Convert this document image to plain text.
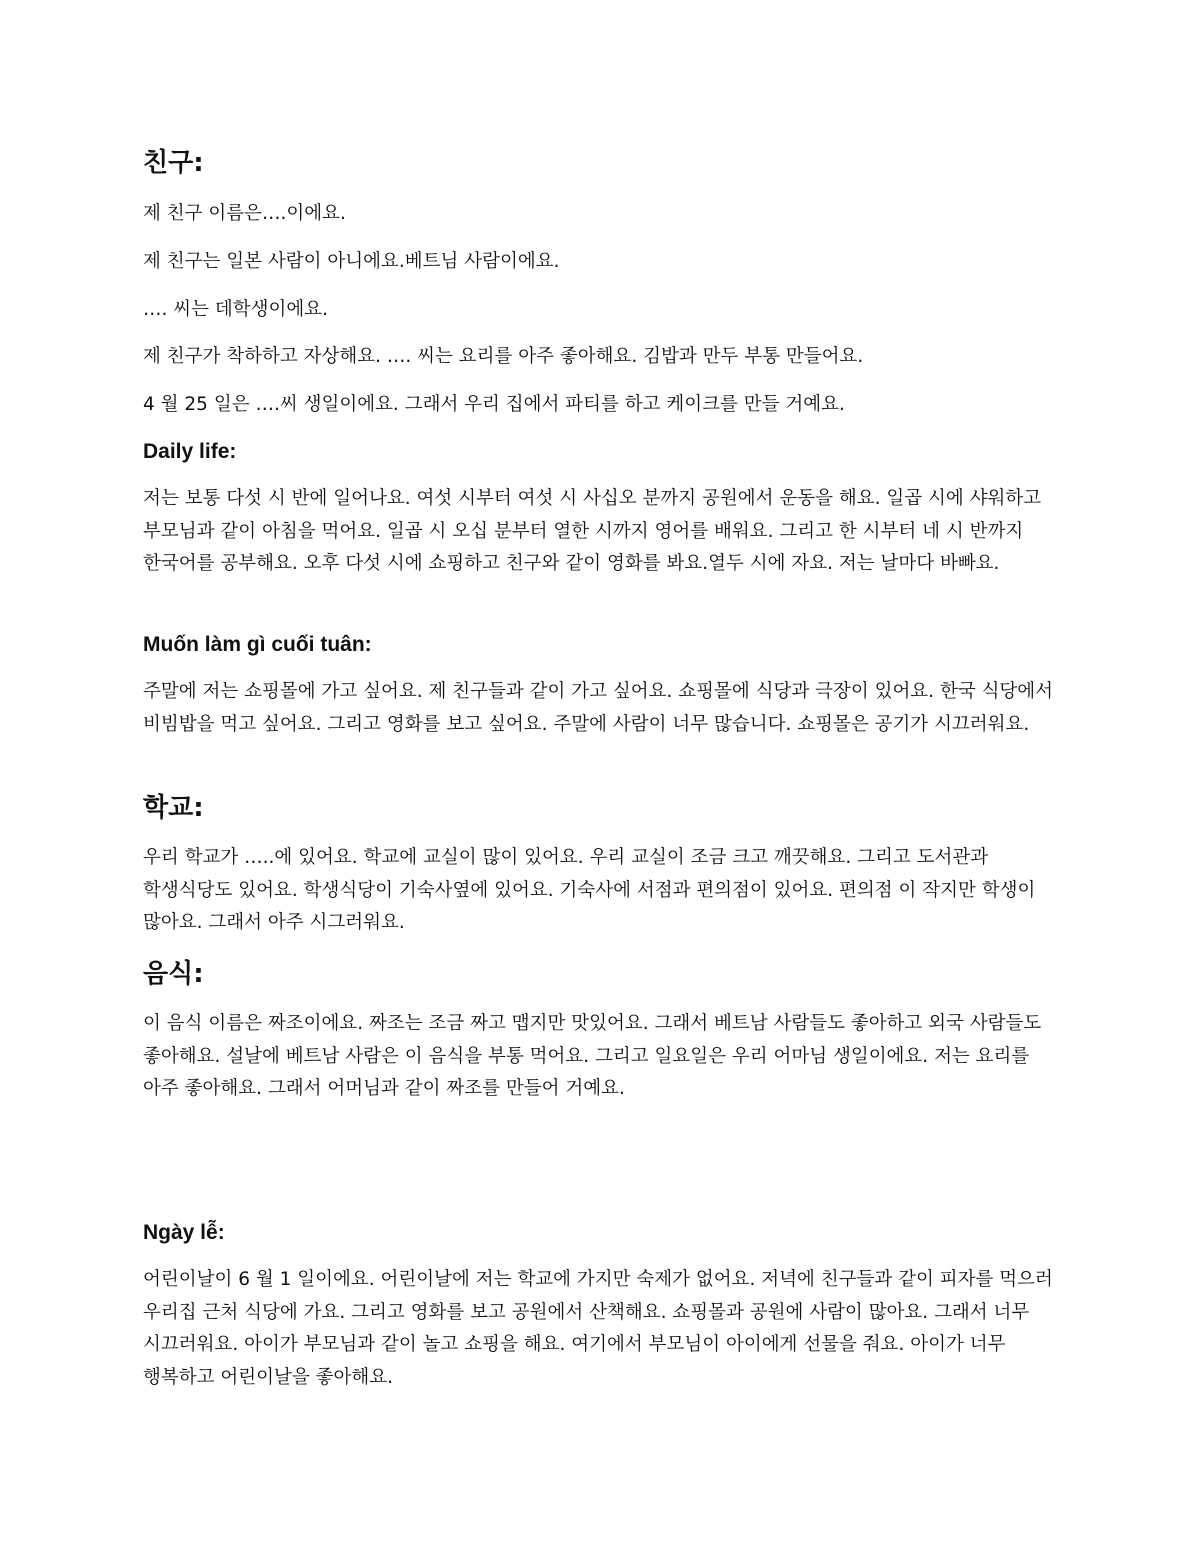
친구:
제 친구 이름은….이에요.
제 친구는 일본 사람이 아니에요.베트님 사람이에요.
…. 씨는 데학생이에요.
제 친구가 착하하고 자상해요. …. 씨는 요리를 아주 좋아해요. 김밥과 만두 부통 만들어요.
4 월 25 일은 ….씨 생일이에요. 그래서 우리 집에서 파티를 하고 케이크를 만들 거예요.
Daily life:
저는 보통 다섯 시 반에 일어나요. 여섯 시부터 여섯 시 사십오 분까지 공원에서 운동을 해요. 일곱 시에 샤워하고 부모님과 같이 아침을 먹어요. 일곱 시 오십 분부터 열한 시까지 영어를 배워요. 그리고 한 시부터 네 시 반까지 한국어를 공부해요. 오후 다섯 시에 쇼핑하고 친구와 같이 영화를 봐요.열두 시에 자요. 저는 날마다 바빠요.
Muốn làm gì cuối tuân:
주말에 저는 쇼핑몰에 가고 싶어요. 제 친구들과 같이 가고 싶어요. 쇼핑몰에 식당과 극장이 있어요. 한국 식당에서 비빔밥을 먹고 싶어요. 그리고 영화를 보고 싶어요. 주말에 사람이 너무 많습니다. 쇼핑몰은 공기가 시끄러워요.
학교:
우리 학교가 …..에 있어요. 학교에 교실이 많이 있어요. 우리 교실이 조금 크고 깨끗해요. 그리고 도서관과 학생식당도 있어요. 학생식당이 기숙사옆에 있어요. 기숙사에 서점과 편의점이 있어요. 편의점 이 작지만 학생이 많아요. 그래서 아주 시그러워요.
음식:
이 음식 이름은 짜조이에요. 짜조는 조금 짜고 맵지만 맛있어요. 그래서 베트남 사람들도 좋아하고 외국 사람들도 좋아해요. 설날에 베트남 사람은 이 음식을 부통 먹어요. 그리고 일요일은 우리 어마님 생일이에요. 저는 요리를 아주 좋아해요. 그래서 어머님과 같이 짜조를 만들어 거예요.
Ngày lễ:
어린이날이 6 월 1 일이에요. 어린이날에 저는 학교에 가지만 숙제가 없어요. 저녁에 친구들과 같이 피자를 먹으러 우리집 근처 식당에 가요. 그리고 영화를 보고 공원에서 산책해요. 쇼핑몰과 공원에 사람이 많아요. 그래서 너무 시끄러워요. 아이가 부모님과 같이 놀고 쇼핑을 해요. 여기에서 부모님이 아이에게 선물을 줘요. 아이가 너무 행복하고 어린이날을 좋아해요.
